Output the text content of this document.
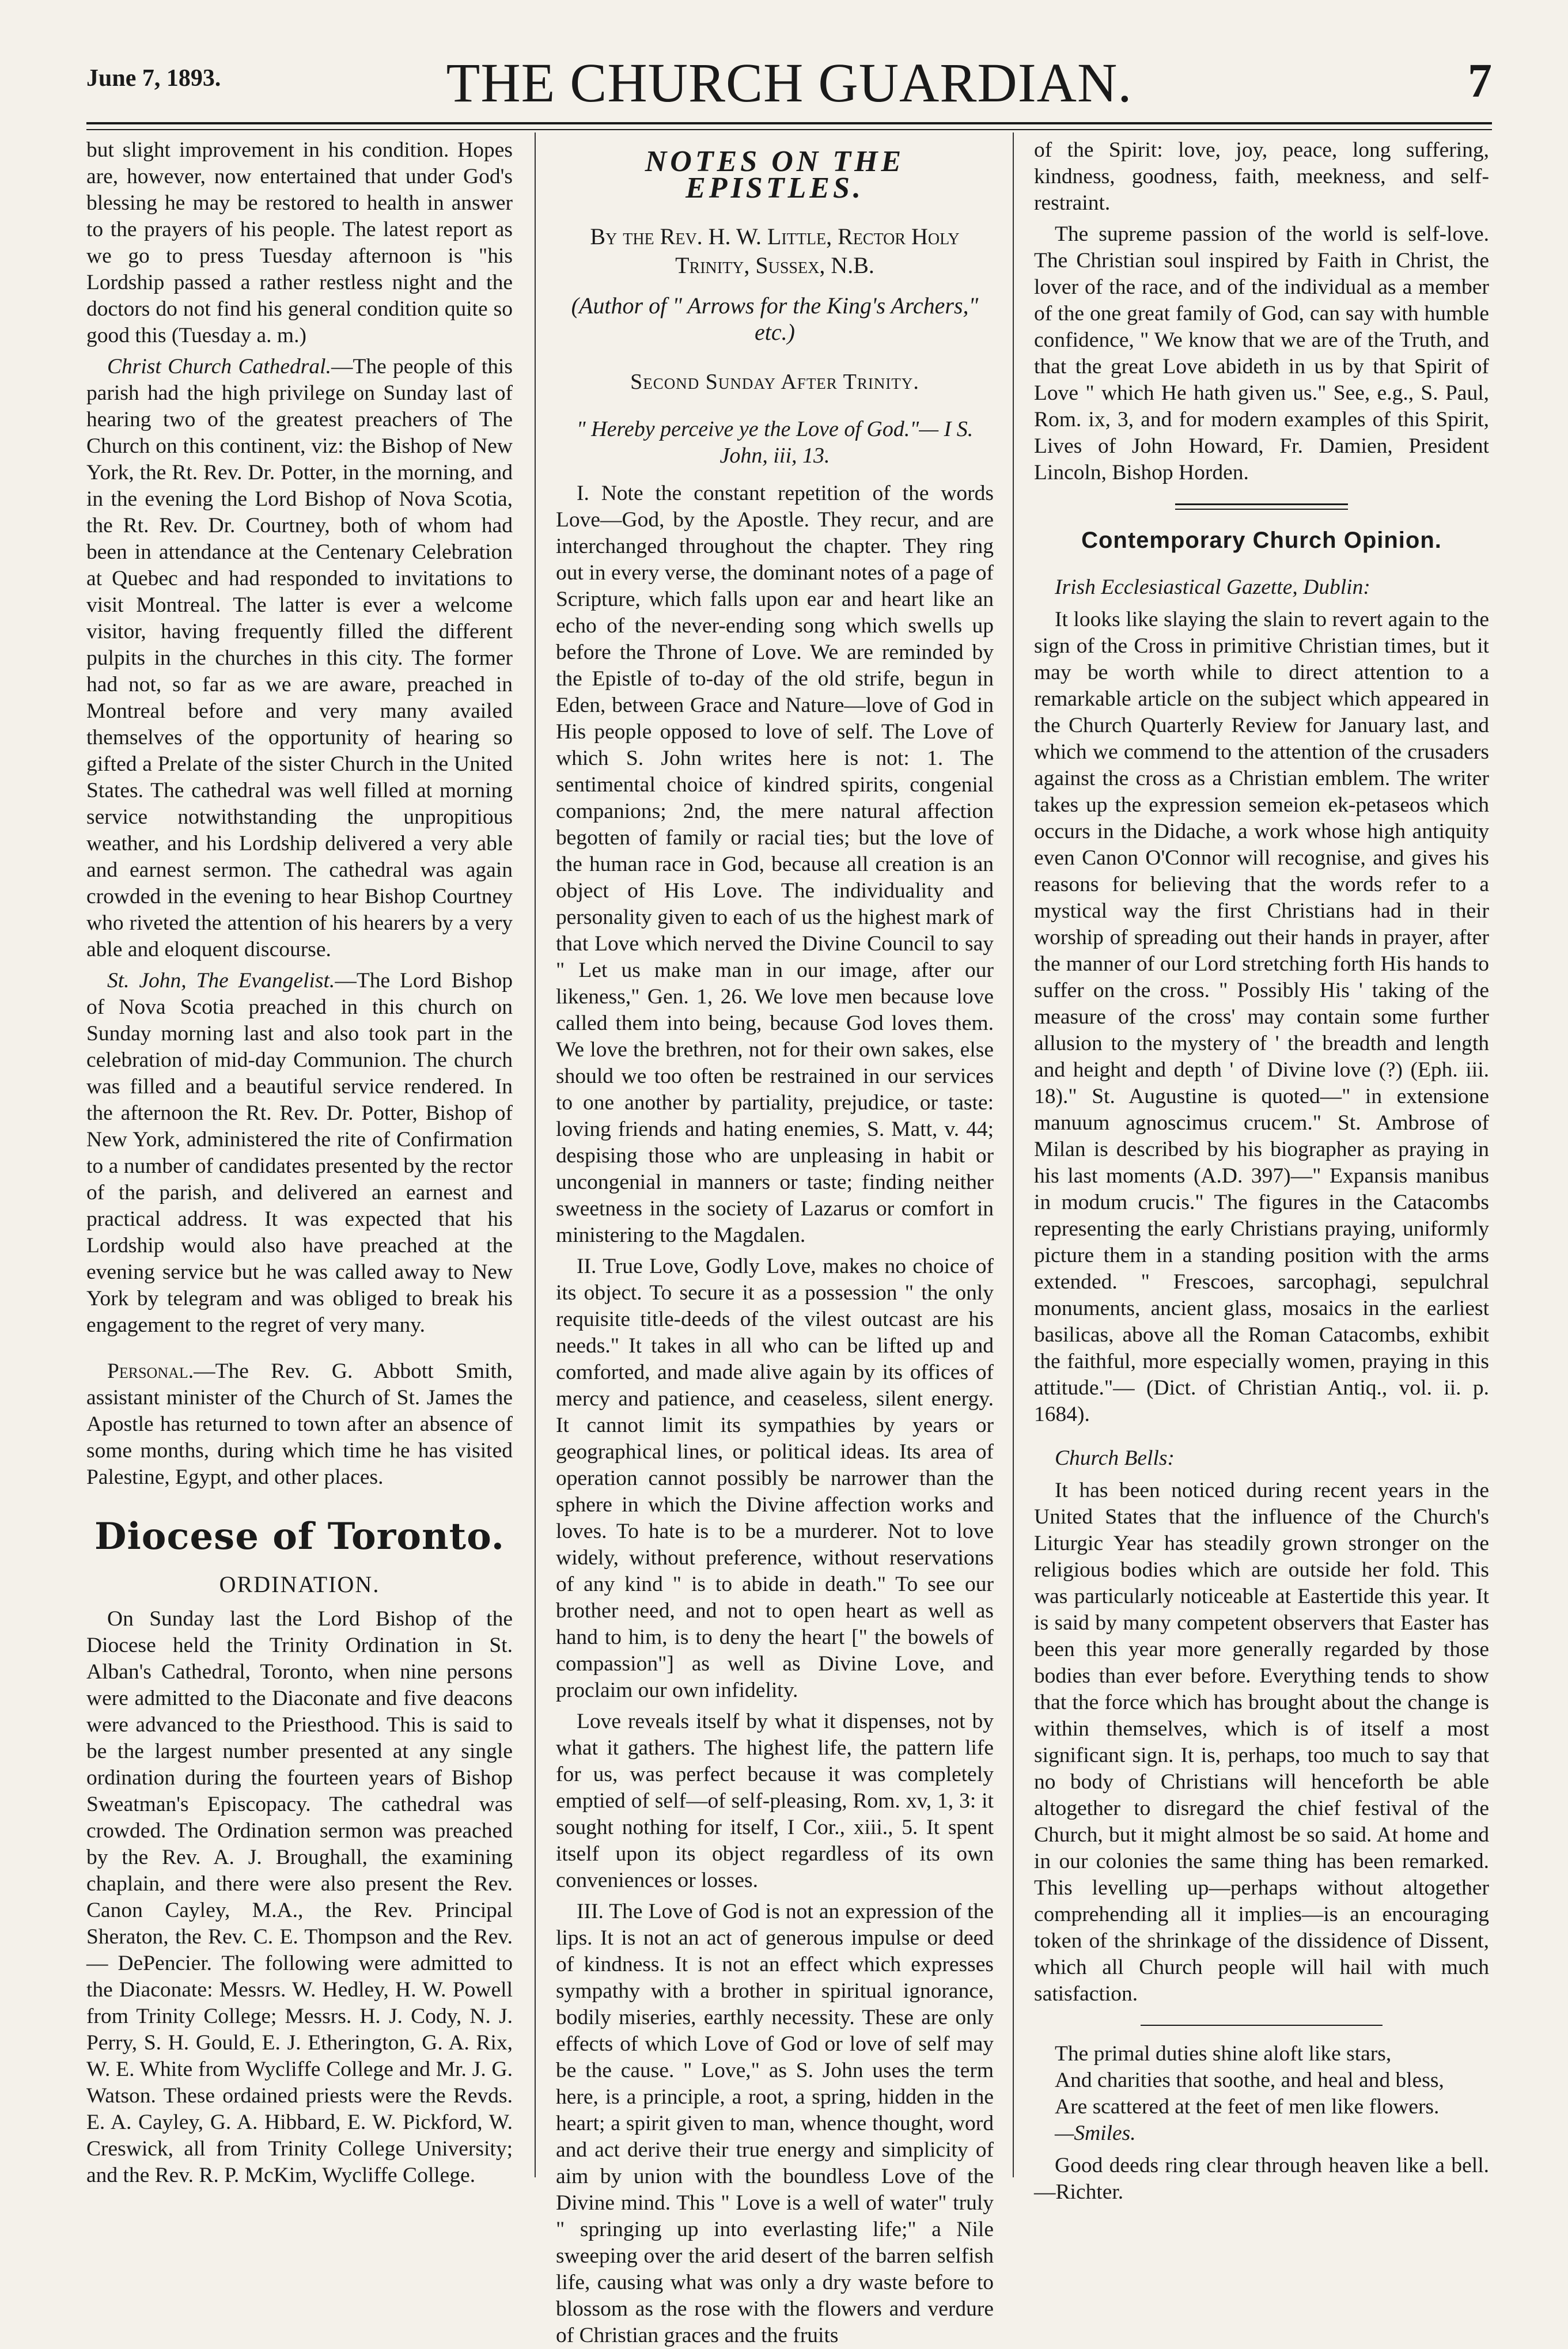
June 7, 1893.	THE CHURCH GUARDIAN.	7

but slight improvement in his condition. Hopes are, however, now entertained that under God's blessing he may be restored to health in answer to the prayers of his people. The latest report as we go to press Tuesday afternoon is "his Lordship passed a rather restless night and the doctors do not find his general condition quite so good this (Tuesday a. m.)

Christ Church Cathedral.—The people of this parish had the high privilege on Sunday last of hearing two of the greatest preachers of The Church on this continent, viz: the Bishop of New York, the Rt. Rev. Dr. Potter, in the morning, and in the evening the Lord Bishop of Nova Scotia, the Rt. Rev. Dr. Courtney, both of whom had been in attendance at the Centenary Celebration at Quebec and had responded to invitations to visit Montreal. The latter is ever a welcome visitor, having frequently filled the different pulpits in the churches in this city. The former had not, so far as we are aware, preached in Montreal before and very many availed themselves of the opportunity of hearing so gifted a Prelate of the sister Church in the United States. The cathedral was well filled at morning service notwithstanding the unpropitious weather, and his Lordship delivered a very able and earnest sermon. The cathedral was again crowded in the evening to hear Bishop Courtney who riveted the attention of his hearers by a very able and eloquent discourse.

St. John, The Evangelist.—The Lord Bishop of Nova Scotia preached in this church on Sunday morning last and also took part in the celebration of mid-day Communion. The church was filled and a beautiful service rendered. In the afternoon the Rt. Rev. Dr. Potter, Bishop of New York, administered the rite of Confirmation to a number of candidates presented by the rector of the parish, and delivered an earnest and practical address. It was expected that his Lordship would also have preached at the evening service but he was called away to New York by telegram and was obliged to break his engagement to the regret of very many.

Personal.—The Rev. G. Abbott Smith, assistant minister of the Church of St. James the Apostle has returned to town after an absence of some months, during which time he has visited Palestine, Egypt, and other places.

Diocese of Toronto.
ORDINATION.

On Sunday last the Lord Bishop of the Diocese held the Trinity Ordination in St. Alban's Cathedral, Toronto, when nine persons were admitted to the Diaconate and five deacons were advanced to the Priesthood. This is said to be the largest number presented at any single ordination during the fourteen years of Bishop Sweatman's Episcopacy. The cathedral was crowded. The Ordination sermon was preached by the Rev. A. J. Broughall, the examining chaplain, and there were also present the Rev. Canon Cayley, M.A., the Rev. Principal Sheraton, the Rev. C. E. Thompson and the Rev. — DePencier. The following were admitted to the Diaconate: Messrs. W. Hedley, H. W. Powell from Trinity College; Messrs. H. J. Cody, N. J. Perry, S. H. Gould, E. J. Etherington, G. A. Rix, W. E. White from Wycliffe College and Mr. J. G. Watson. These ordained priests were the Revds. E. A. Cayley, G. A. Hibbard, E. W. Pickford, W. Creswick, all from Trinity College University; and the Rev. R. P. McKim, Wycliffe College.

NOTES ON THE EPISTLES.
By the Rev. H. W. Little, Rector Holy Trinity, Sussex, N.B.
(Author of " Arrows for the King's Archers," etc.)
Second Sunday After Trinity.
" Hereby perceive ye the Love of God."— I S. John, iii, 13.

I. Note the constant repetition of the words Love—God, by the Apostle. They recur, and are interchanged throughout the chapter. They ring out in every verse, the dominant notes of a page of Scripture, which falls upon ear and heart like an echo of the never-ending song which swells up before the Throne of Love. We are reminded by the Epistle of to-day of the old strife, begun in Eden, between Grace and Nature—love of God in His people opposed to love of self. The Love of which S. John writes here is not: 1. The sentimental choice of kindred spirits, congenial companions; 2nd, the mere natural affection begotten of family or racial ties; but the love of the human race in God, because all creation is an object of His Love. The individuality and personality given to each of us the highest mark of that Love which nerved the Divine Council to say " Let us make man in our image, after our likeness," Gen. 1, 26. We love men because love called them into being, because God loves them. We love the brethren, not for their own sakes, else should we too often be restrained in our services to one another by partiality, prejudice, or taste: loving friends and hating enemies, S. Matt, v. 44; despising those who are unpleasing in habit or uncongenial in manners or taste; finding neither sweetness in the society of Lazarus or comfort in ministering to the Magdalen.

II. True Love, Godly Love, makes no choice of its object. To secure it as a possession " the only requisite title-deeds of the vilest outcast are his needs." It takes in all who can be lifted up and comforted, and made alive again by its offices of mercy and patience, and ceaseless, silent energy. It cannot limit its sympathies by years or geographical lines, or political ideas. Its area of operation cannot possibly be narrower than the sphere in which the Divine affection works and loves. To hate is to be a murderer. Not to love widely, without preference, without reservations of any kind " is to abide in death." To see our brother need, and not to open heart as well as hand to him, is to deny the heart [" the bowels of compassion"] as well as Divine Love, and proclaim our own infidelity.

Love reveals itself by what it dispenses, not by what it gathers. The highest life, the pattern life for us, was perfect because it was completely emptied of self—of self-pleasing, Rom. xv, 1, 3: it sought nothing for itself, I Cor., xiii., 5. It spent itself upon its object regardless of its own conveniences or losses.

III. The Love of God is not an expression of the lips. It is not an act of generous impulse or deed of kindness. It is not an effect which expresses sympathy with a brother in spiritual ignorance, bodily miseries, earthly necessity. These are only effects of which Love of God or love of self may be the cause. " Love," as S. John uses the term here, is a principle, a root, a spring, hidden in the heart; a spirit given to man, whence thought, word and act derive their true energy and simplicity of aim by union with the boundless Love of the Divine mind. This " Love is a well of water" truly " springing up into everlasting life;" a Nile sweeping over the arid desert of the barren selfish life, causing what was only a dry waste before to blossom as the rose with the flowers and verdure of Christian graces and the fruits

of the Spirit: love, joy, peace, long suffering, kindness, goodness, faith, meekness, and self-restraint.

The supreme passion of the world is self-love. The Christian soul inspired by Faith in Christ, the lover of the race, and of the individual as a member of the one great family of God, can say with humble confidence, " We know that we are of the Truth, and that the great Love abideth in us by that Spirit of Love " which He hath given us." See, e.g., S. Paul, Rom. ix, 3, and for modern examples of this Spirit, Lives of John Howard, Fr. Damien, President Lincoln, Bishop Horden.

Contemporary Church Opinion.

Irish Ecclesiastical Gazette, Dublin:

It looks like slaying the slain to revert again to the sign of the Cross in primitive Christian times, but it may be worth while to direct attention to a remarkable article on the subject which appeared in the Church Quarterly Review for January last, and which we commend to the attention of the crusaders against the cross as a Christian emblem. The writer takes up the expression semeion ek-petaseos which occurs in the Didache, a work whose high antiquity even Canon O'Connor will recognise, and gives his reasons for believing that the words refer to a mystical way the first Christians had in their worship of spreading out their hands in prayer, after the manner of our Lord stretching forth His hands to suffer on the cross. " Possibly His ' taking of the measure of the cross' may contain some further allusion to the mystery of ' the breadth and length and height and depth ' of Divine love (?) (Eph. iii. 18)." St. Augustine is quoted—" in extensione manuum agnoscimus crucem." St. Ambrose of Milan is described by his biographer as praying in his last moments (A.D. 397)—" Expansis manibus in modum crucis." The figures in the Catacombs representing the early Christians praying, uniformly picture them in a standing position with the arms extended. " Frescoes, sarcophagi, sepulchral monuments, ancient glass, mosaics in the earliest basilicas, above all the Roman Catacombs, exhibit the faithful, more especially women, praying in this attitude."— (Dict. of Christian Antiq., vol. ii. p. 1684).

Church Bells:

It has been noticed during recent years in the United States that the influence of the Church's Liturgic Year has steadily grown stronger on the religious bodies which are outside her fold. This was particularly noticeable at Eastertide this year. It is said by many competent observers that Easter has been this year more generally regarded by those bodies than ever before. Everything tends to show that the force which has brought about the change is within themselves, which is of itself a most significant sign. It is, perhaps, too much to say that no body of Christians will henceforth be able altogether to disregard the chief festival of the Church, but it might almost be so said. At home and in our colonies the same thing has been remarked. This levelling up—perhaps without altogether comprehending all it implies—is an encouraging token of the shrinkage of the dissidence of Dissent, which all Church people will hail with much satisfaction.

The primal duties shine aloft like stars,
And charities that soothe, and heal and bless,
Are scattered at the feet of men like flowers.
—Smiles.

Good deeds ring clear through heaven like a bell.—Richter.
